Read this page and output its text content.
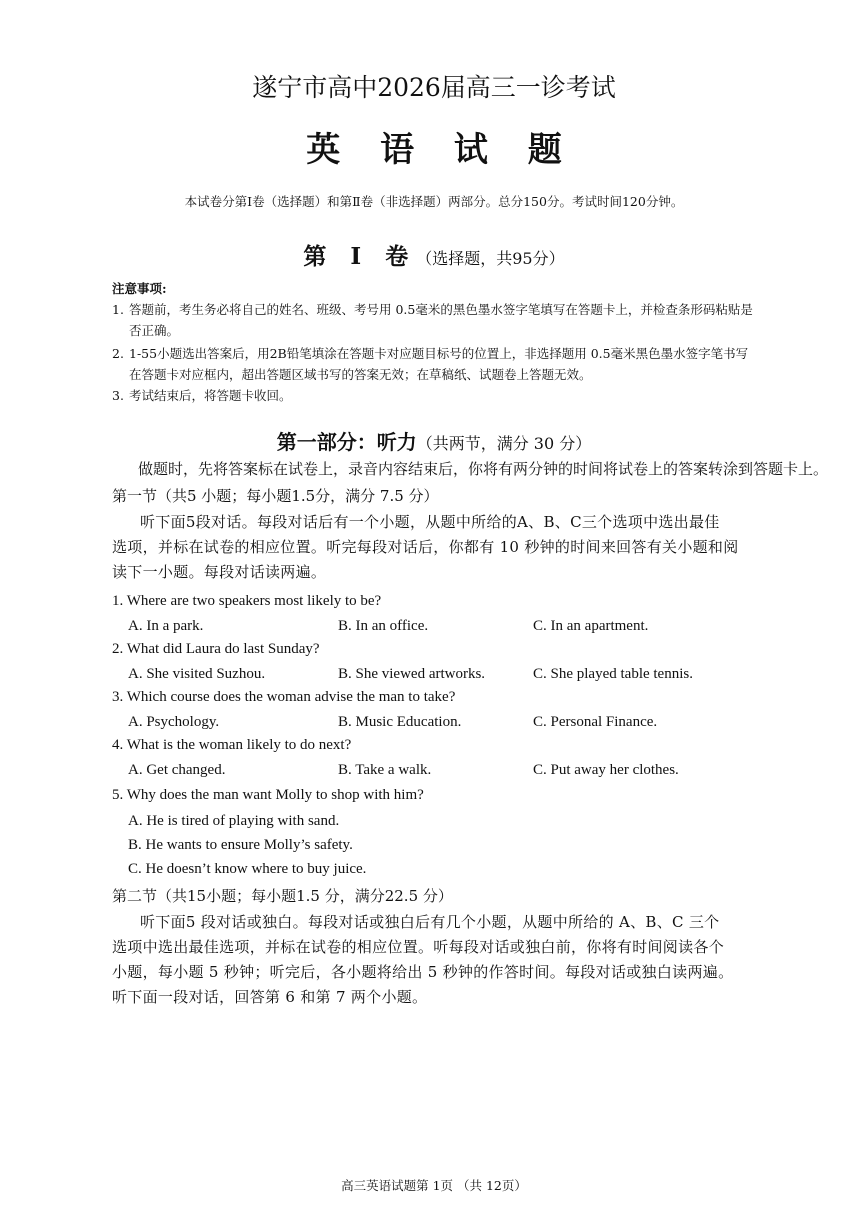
遂宁市高中2026届高三一诊考试
英 语 试 题
本试卷分第Ⅰ卷（选择题）和第Ⅱ卷（非选择题）两部分。总分150分。考试时间120分钟。
第 Ⅰ 卷（选择题，共95分）
注意事项:
1. 答题前，考生务必将自己的姓名、班级、考号用 0.5毫米的黑色墨水签字笔填写在答题卡上，并检查条形码粘贴是
否正确。
2. 1-55小题选出答案后，用2B铅笔填涂在答题卡对应题目标号的位置上，非选择题用 0.5毫米黑色墨水签字笔书写
在答题卡对应框内，超出答题区域书写的答案无效；在草稿纸、试题卷上答题无效。
3. 考试结束后，将答题卡收回。
第一部分：听力（共两节，满分 30 分）
做题时，先将答案标在试卷上，录音内容结束后，你将有两分钟的时间将试卷上的答案转涂到答题卡上。
第一节（共5 小题；每小题1.5分，满分 7.5 分）
听下面5段对话。每段对话后有一个小题，从题中所给的A、B、C三个选项中选出最佳
选项，并标在试卷的相应位置。听完每段对话后，你都有 10 秒钟的时间来回答有关小题和阅
读下一小题。每段对话读两遍。
1. Where are two speakers most likely to be?
A. In a park.	B. In an office.	C. In an apartment.
2. What did Laura do last Sunday?
A. She visited Suzhou.	B. She viewed artworks.	C. She played table tennis.
3. Which course does the woman advise the man to take?
A. Psychology.	B. Music Education.	C. Personal Finance.
4. What is the woman likely to do next?
A. Get changed.	B. Take a walk.	C. Put away her clothes.
5. Why does the man want Molly to shop with him?
A. He is tired of playing with sand.
B. He wants to ensure Molly’s safety.
C. He doesn’t know where to buy juice.
第二节（共15小题；每小题1.5 分，满分22.5 分）
听下面5 段对话或独白。每段对话或独白后有几个小题，从题中所给的 A、B、C 三个
选项中选出最佳选项，并标在试卷的相应位置。听每段对话或独白前，你将有时间阅读各个
小题，每小题 5 秒钟；听完后，各小题将给出 5 秒钟的作答时间。每段对话或独白读两遍。
听下面一段对话，回答第 6 和第 7 两个小题。
高三英语试题第 1页 （共 12页）
